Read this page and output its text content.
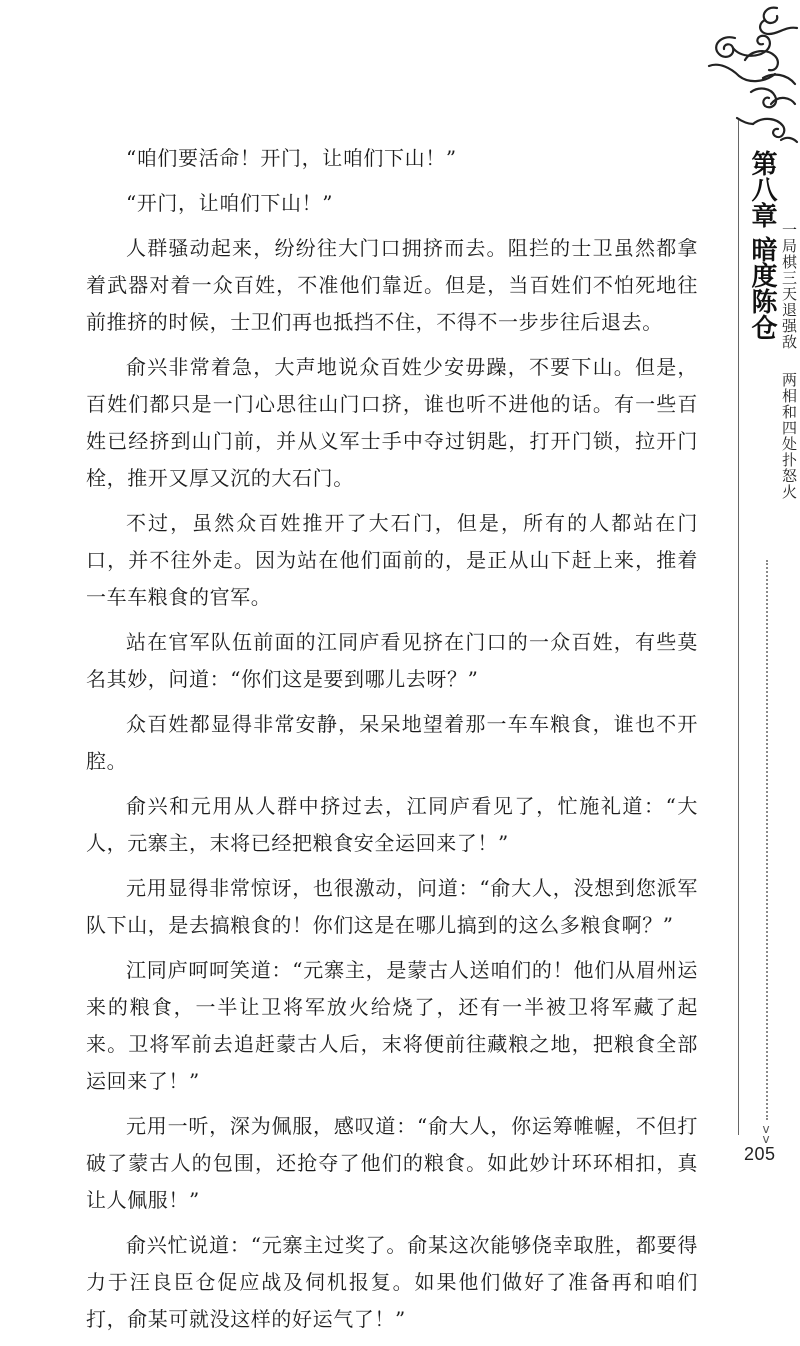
“咱们要活命！开门，让咱们下山！”

“开门，让咱们下山！”

人群骚动起来，纷纷往大门口拥挤而去。阻拦的士卫虽然都拿着武器对着一众百姓，不准他们靠近。但是，当百姓们不怕死地往前推挤的时候，士卫们再也抵挡不住，不得不一步步往后退去。

俞兴非常着急，大声地说众百姓少安毋躁，不要下山。但是，百姓们都只是一门心思往山门口挤，谁也听不进他的话。有一些百姓已经挤到山门前，并从义军士手中夺过钥匙，打开门锁，拉开门栓，推开又厚又沉的大石门。

不过，虽然众百姓推开了大石门，但是，所有的人都站在门口，并不往外走。因为站在他们面前的，是正从山下赶上来，推着一车车粮食的官军。

站在官军队伍前面的江同庐看见挤在门口的一众百姓，有些莫名其妙，问道：“你们这是要到哪儿去呀？”

众百姓都显得非常安静，呆呆地望着那一车车粮食，谁也不开腔。

俞兴和元用从人群中挤过去，江同庐看见了，忙施礼道：“大人，元寨主，末将已经把粮食安全运回来了！”

元用显得非常惊讶，也很激动，问道：“俞大人，没想到您派军队下山，是去搞粮食的！你们这是在哪儿搞到的这么多粮食啊？”

江同庐呵呵笑道：“元寨主，是蒙古人送咱们的！他们从眉州运来的粮食，一半让卫将军放火给烧了，还有一半被卫将军藏了起来。卫将军前去追赶蒙古人后，末将便前往藏粮之地，把粮食全部运回来了！”

元用一听，深为佩服，感叹道：“俞大人，你运筹帷幄，不但打破了蒙古人的包围，还抢夺了他们的粮食。如此妙计环环相扣，真让人佩服！”

俞兴忙说道：“元寨主过奖了。俞某这次能够侥幸取胜，都要得力于汪良臣仓促应战及伺机报复。如果他们做好了准备再和咱们打，俞某可就没这样的好运气了！”

第八章
暗度陈仓 一局棋三天退强敌
两相和四处扑怒火
v
v
205
